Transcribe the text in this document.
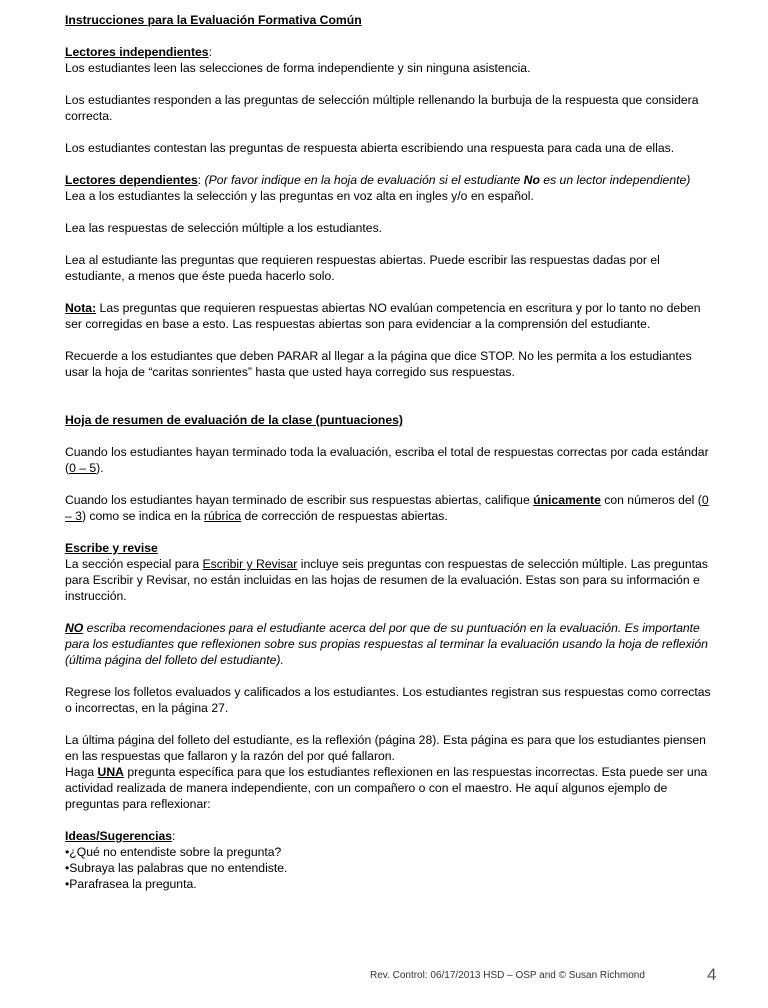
Instrucciones para la Evaluación Formativa Común

Lectores independientes:

Los estudiantes leen las selecciones de forma independiente y sin ninguna asistencia.

Los estudiantes responden a las preguntas de selección múltiple rellenando la burbuja de la respuesta que considera correcta.

Los estudiantes contestan las preguntas de respuesta abierta escribiendo una respuesta para cada una de ellas.

Lectores dependientes: (Por favor indique en la hoja de evaluación si el estudiante No es un lector independiente)

Lea a los estudiantes la selección y las preguntas en voz alta en ingles y/o en español.

Lea las respuestas de selección múltiple a los estudiantes.

Lea al estudiante las preguntas que requieren respuestas abiertas. Puede escribir las respuestas dadas por el estudiante, a menos que éste pueda hacerlo solo.

Nota: Las preguntas que requieren respuestas abiertas NO evalúan competencia en escritura y por lo tanto no deben ser corregidas en base a esto. Las respuestas abiertas son para evidenciar a la comprensión del estudiante.

Recuerde a los estudiantes que deben PARAR al llegar a la página que dice STOP. No les permita a los estudiantes usar la hoja de “caritas sonrientes” hasta que usted haya corregido sus respuestas.

Hoja de resumen de evaluación de la clase (puntuaciones)

Cuando los estudiantes hayan terminado toda la evaluación, escriba el total de respuestas correctas por cada estándar (0 – 5).

Cuando los estudiantes hayan terminado de escribir sus respuestas abiertas, califique únicamente con números del (0 – 3) como se indica en la rúbrica de corrección de respuestas abiertas.

Escribe y revise

La sección especial para Escribir y Revisar incluye seis preguntas con respuestas de selección múltiple. Las preguntas para Escribir y Revisar, no están incluidas en las hojas de resumen de la evaluación. Estas son para su información e instrucción.

NO escriba recomendaciones para el estudiante acerca del por que de su puntuación en la evaluación. Es importante para los estudiantes que reflexionen sobre sus propias respuestas al terminar la evaluación usando la hoja de reflexión (última página del folleto del estudiante).

Regrese los folletos evaluados y calificados a los estudiantes. Los estudiantes registran sus respuestas como correctas o incorrectas, en la página 27.

La última página del folleto del estudiante, es la reflexión (página 28). Esta página es para que los estudiantes piensen en las respuestas que fallaron y la razón del por qué fallaron.

Haga UNA pregunta específica para que los estudiantes reflexionen en las respuestas incorrectas. Esta puede ser una actividad realizada de manera independiente, con un compañero o con el maestro. He aquí algunos ejemplo de preguntas para reflexionar:

Ideas/Sugerencias:

•¿Qué no entendiste sobre la pregunta?

•Subraya las palabras que no entendiste.

•Parafrasea la pregunta.

Rev. Control: 06/17/2013 HSD – OSP and © Susan Richmond	4
